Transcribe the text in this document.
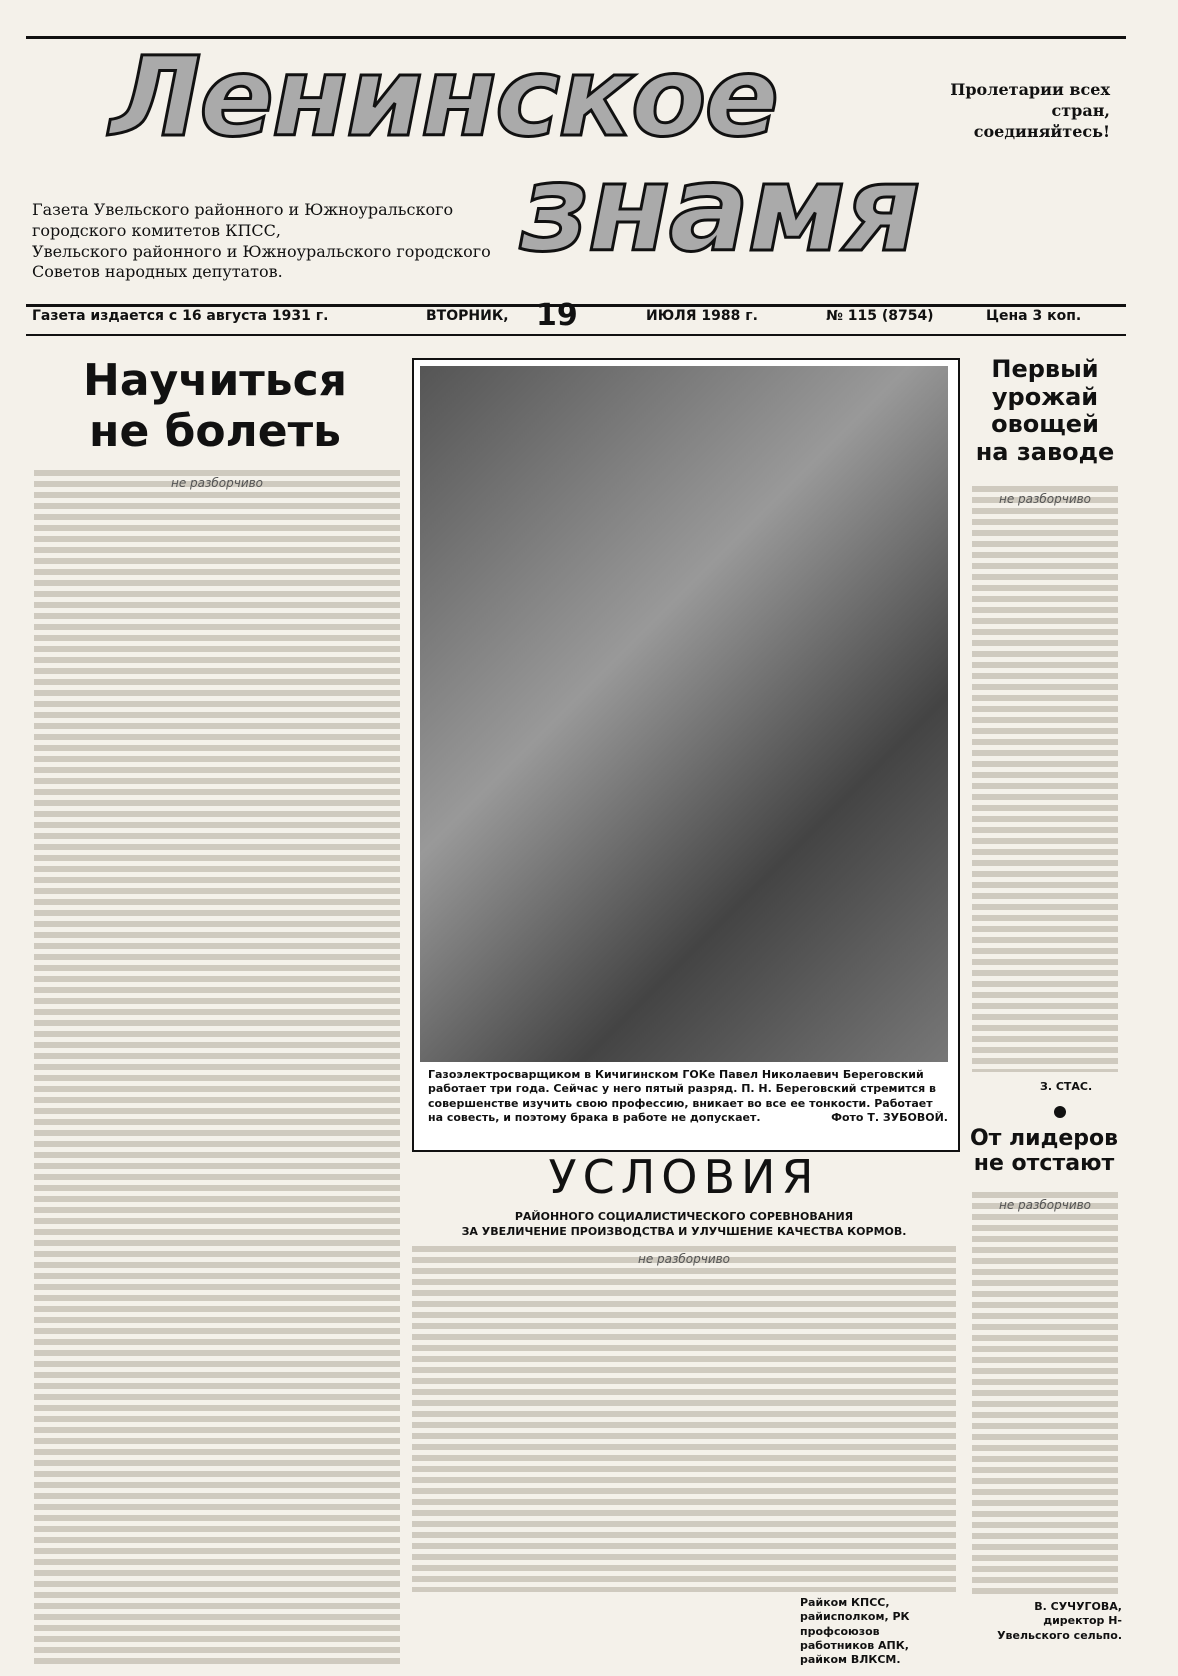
Ленинское
знамя
Пролетарии всех стран,
соединяйтесь!
Газета Увельского районного и Южноуральского
городского комитетов КПСС,
Увельского районного и Южноуральского городского
Советов народных депутатов.
Газета издается с 16 августа 1931 г.	ВТОРНИК, 19	ИЮЛЯ 1988 г.	№ 115 (8754)	Цена 3 коп.
Научиться
не болеть
не разборчиво
Газоэлектросварщиком в Кичигинском ГОКе Павел Николаевич Береговский работает три года. Сейчас у него пятый разряд. П. Н. Береговский стремится в совершенстве изучить свою профессию, вникает во все ее тонкости. Работает на совесть, и поэтому брака в работе не допускает.	Фото Т. ЗУБОВОЙ.
УСЛОВИЯ
РАЙОННОГО СОЦИАЛИСТИЧЕСКОГО СОРЕВНОВАНИЯ
ЗА УВЕЛИЧЕНИЕ ПРОИЗВОДСТВА И УЛУЧШЕНИЕ КАЧЕСТВА КОРМОВ.
не разборчиво
Райком КПСС, райисполком, РК профсоюзов работников АПК, райком ВЛКСМ.
Первый
урожай
овощей
на заводе
не разборчиво
З. СТАС.
От лидеров
не отстают
не разборчиво
В. СУЧУГОВА,
директор Н-Увельского сельпо.
